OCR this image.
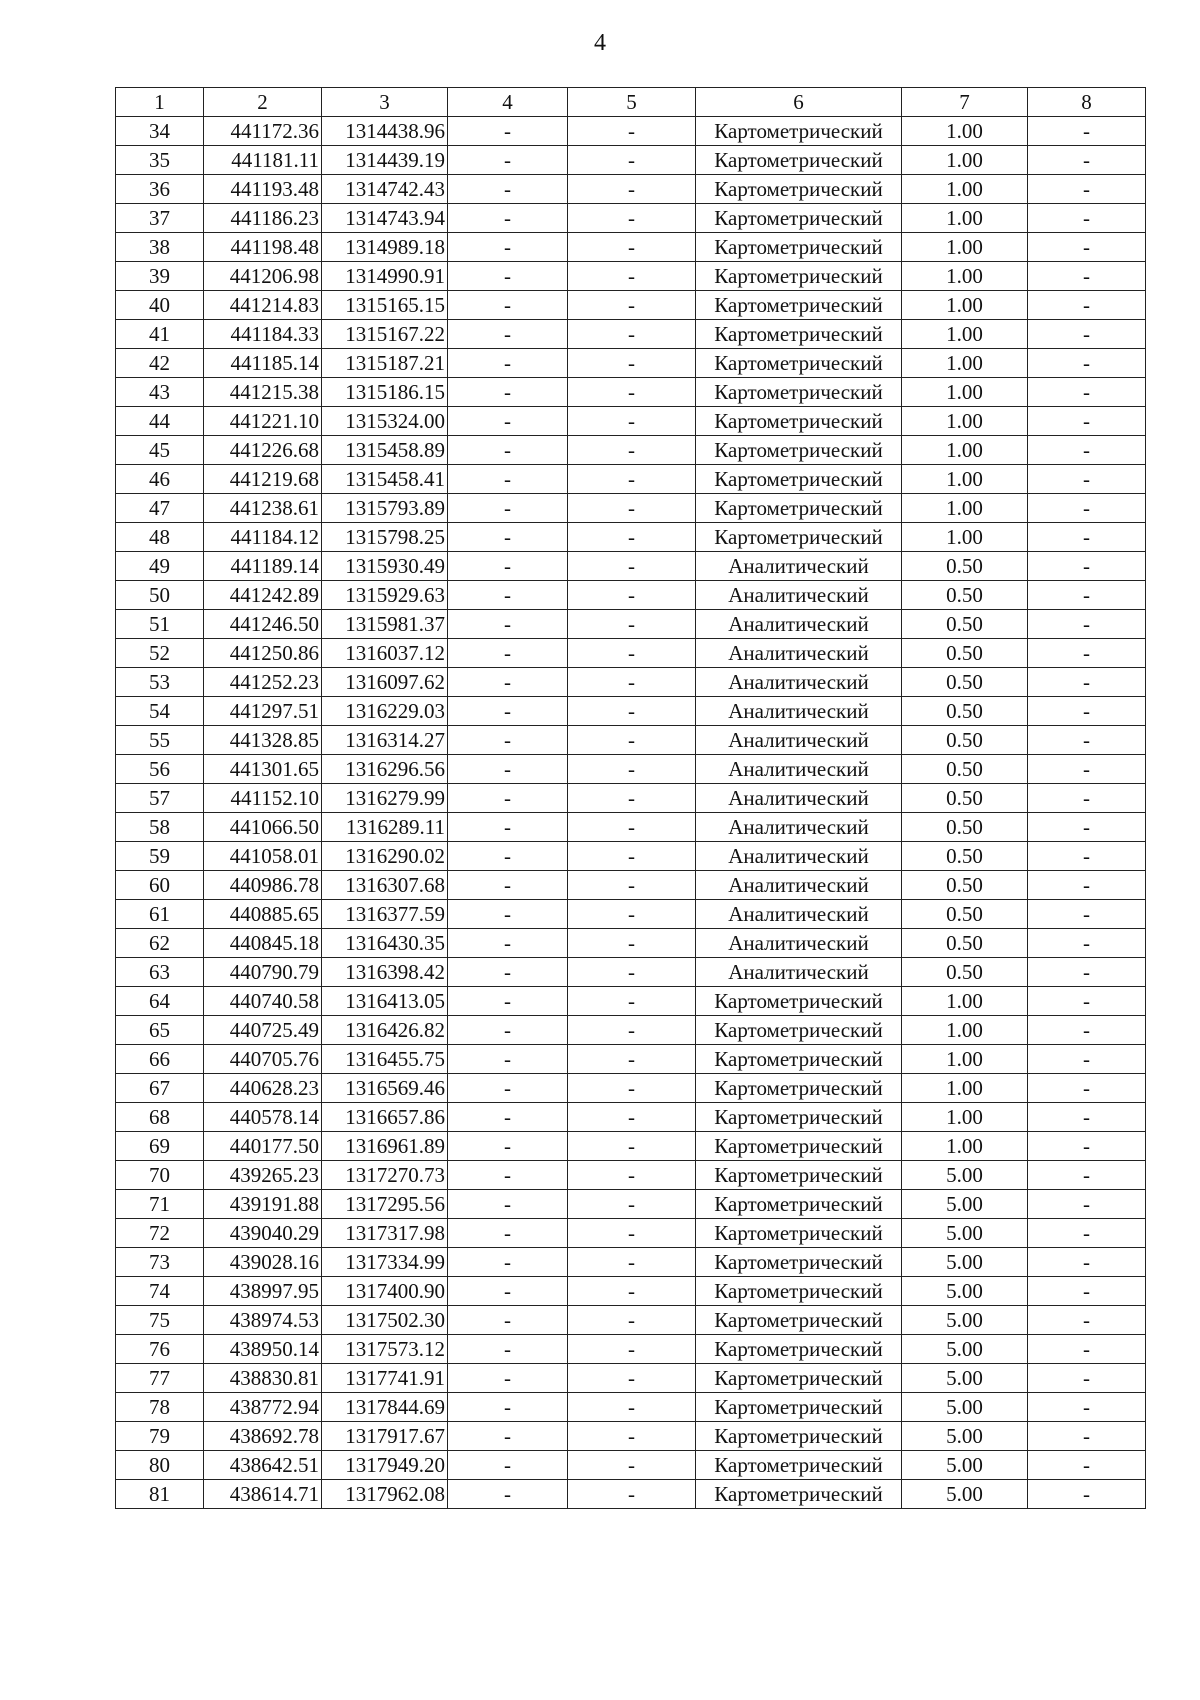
4
1	2	3	4	5	6	7	8
34	441172.36	1314438.96	-	-	Картометрический	1.00	-
35	441181.11	1314439.19	-	-	Картометрический	1.00	-
36	441193.48	1314742.43	-	-	Картометрический	1.00	-
37	441186.23	1314743.94	-	-	Картометрический	1.00	-
38	441198.48	1314989.18	-	-	Картометрический	1.00	-
39	441206.98	1314990.91	-	-	Картометрический	1.00	-
40	441214.83	1315165.15	-	-	Картометрический	1.00	-
41	441184.33	1315167.22	-	-	Картометрический	1.00	-
42	441185.14	1315187.21	-	-	Картометрический	1.00	-
43	441215.38	1315186.15	-	-	Картометрический	1.00	-
44	441221.10	1315324.00	-	-	Картометрический	1.00	-
45	441226.68	1315458.89	-	-	Картометрический	1.00	-
46	441219.68	1315458.41	-	-	Картометрический	1.00	-
47	441238.61	1315793.89	-	-	Картометрический	1.00	-
48	441184.12	1315798.25	-	-	Картометрический	1.00	-
49	441189.14	1315930.49	-	-	Аналитический	0.50	-
50	441242.89	1315929.63	-	-	Аналитический	0.50	-
51	441246.50	1315981.37	-	-	Аналитический	0.50	-
52	441250.86	1316037.12	-	-	Аналитический	0.50	-
53	441252.23	1316097.62	-	-	Аналитический	0.50	-
54	441297.51	1316229.03	-	-	Аналитический	0.50	-
55	441328.85	1316314.27	-	-	Аналитический	0.50	-
56	441301.65	1316296.56	-	-	Аналитический	0.50	-
57	441152.10	1316279.99	-	-	Аналитический	0.50	-
58	441066.50	1316289.11	-	-	Аналитический	0.50	-
59	441058.01	1316290.02	-	-	Аналитический	0.50	-
60	440986.78	1316307.68	-	-	Аналитический	0.50	-
61	440885.65	1316377.59	-	-	Аналитический	0.50	-
62	440845.18	1316430.35	-	-	Аналитический	0.50	-
63	440790.79	1316398.42	-	-	Аналитический	0.50	-
64	440740.58	1316413.05	-	-	Картометрический	1.00	-
65	440725.49	1316426.82	-	-	Картометрический	1.00	-
66	440705.76	1316455.75	-	-	Картометрический	1.00	-
67	440628.23	1316569.46	-	-	Картометрический	1.00	-
68	440578.14	1316657.86	-	-	Картометрический	1.00	-
69	440177.50	1316961.89	-	-	Картометрический	1.00	-
70	439265.23	1317270.73	-	-	Картометрический	5.00	-
71	439191.88	1317295.56	-	-	Картометрический	5.00	-
72	439040.29	1317317.98	-	-	Картометрический	5.00	-
73	439028.16	1317334.99	-	-	Картометрический	5.00	-
74	438997.95	1317400.90	-	-	Картометрический	5.00	-
75	438974.53	1317502.30	-	-	Картометрический	5.00	-
76	438950.14	1317573.12	-	-	Картометрический	5.00	-
77	438830.81	1317741.91	-	-	Картометрический	5.00	-
78	438772.94	1317844.69	-	-	Картометрический	5.00	-
79	438692.78	1317917.67	-	-	Картометрический	5.00	-
80	438642.51	1317949.20	-	-	Картометрический	5.00	-
81	438614.71	1317962.08	-	-	Картометрический	5.00	-
